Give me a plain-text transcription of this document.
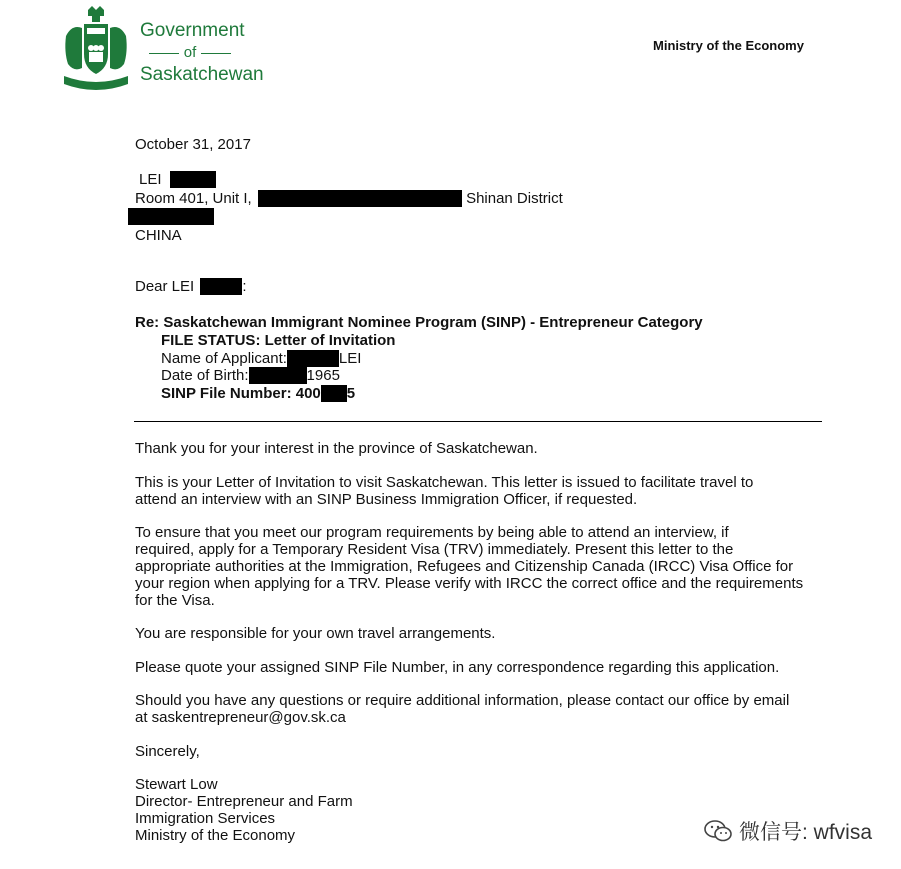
Government
of
Saskatchewan
Ministry of the Economy
October 31, 2017
LEI
Room 401, Unit I,	Shinan District
CHINA
Dear LEI	:
Re: Saskatchewan Immigrant Nominee Program (SINP) - Entrepreneur Category
FILE STATUS: Letter of Invitation
Name of Applicant:	LEI
Date of Birth:	1965
SINP File Number: 400 5
Thank you for your interest in the province of Saskatchewan.
This is your Letter of Invitation to visit Saskatchewan. This letter is issued to facilitate travel to
attend an interview with an SINP Business Immigration Officer, if requested.
To ensure that you meet our program requirements by being able to attend an interview, if
required, apply for a Temporary Resident Visa (TRV) immediately. Present this letter to the
appropriate authorities at the Immigration, Refugees and Citizenship Canada (IRCC) Visa Office for
your region when applying for a TRV. Please verify with IRCC the correct office and the requirements
for the Visa.
You are responsible for your own travel arrangements.
Please quote your assigned SINP File Number, in any correspondence regarding this application.
Should you have any questions or require additional information, please contact our office by email
at saskentrepreneur@gov.sk.ca
Sincerely,
Stewart Low
Director- Entrepreneur and Farm
Immigration Services
Ministry of the Economy	微信号: wfvisa
